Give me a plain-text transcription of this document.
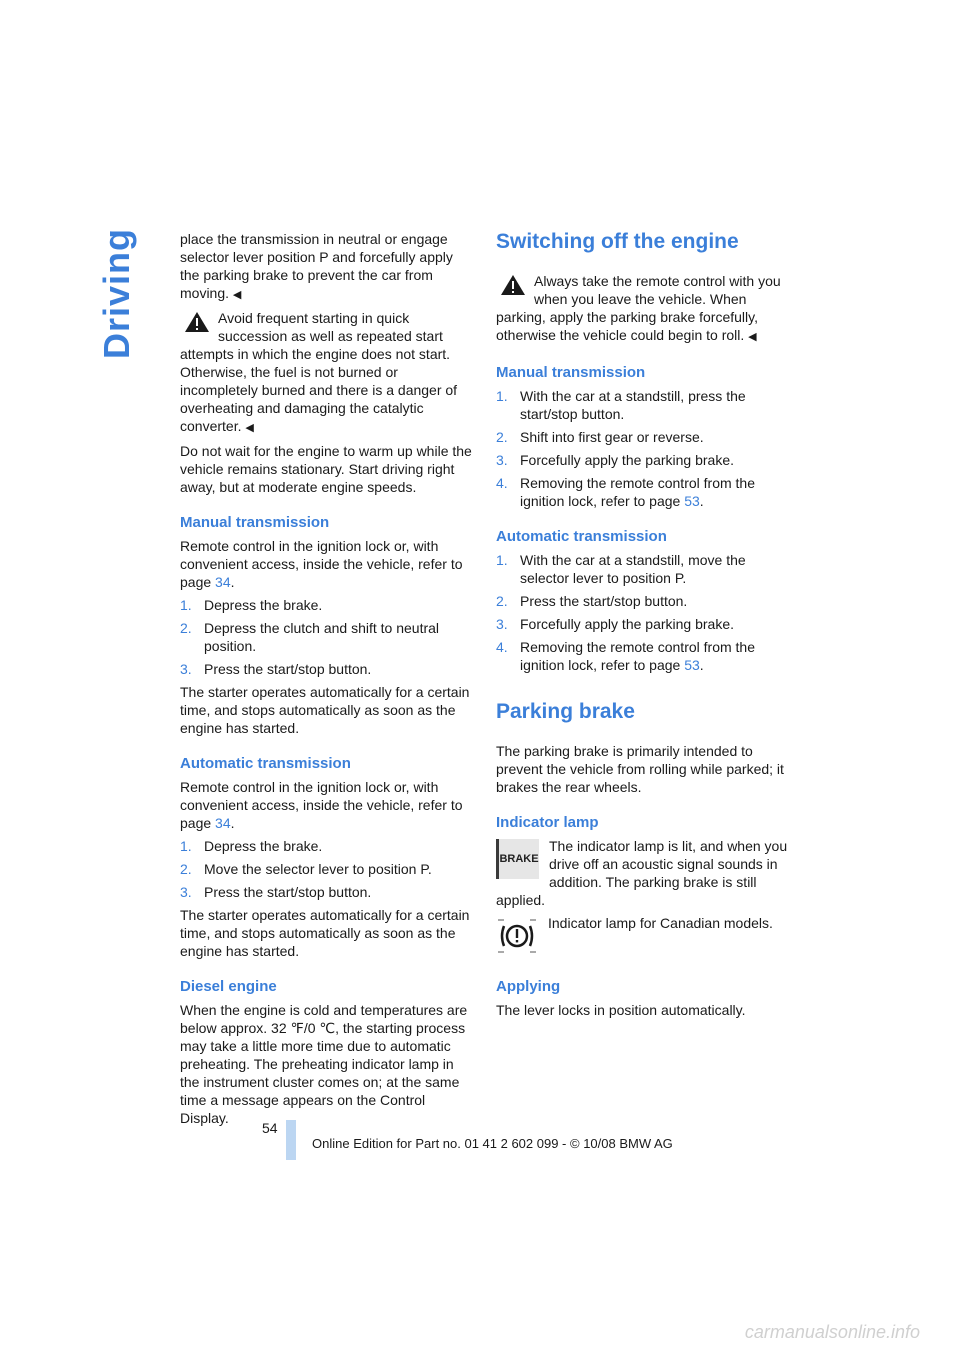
Driving	place the transmission in neutral or engage selector lever position P and forcefully apply the parking brake to prevent the car from moving. ◀

Avoid frequent starting in quick succession as well as repeated start attempts in which the engine does not start. Otherwise, the fuel is not burned or incompletely burned and there is a danger of overheating and damaging the catalytic converter. ◀

Do not wait for the engine to warm up while the vehicle remains stationary. Start driving right away, but at moderate engine speeds.

Manual transmission

Remote control in the ignition lock or, with convenient access, inside the vehicle, refer to page 34.

1. Depress the brake.
2. Depress the clutch and shift to neutral position.
3. Press the start/stop button.

The starter operates automatically for a certain time, and stops automatically as soon as the engine has started.

Automatic transmission

Remote control in the ignition lock or, with convenient access, inside the vehicle, refer to page 34.

1. Depress the brake.
2. Move the selector lever to position P.
3. Press the start/stop button.

The starter operates automatically for a certain time, and stops automatically as soon as the engine has started.

Diesel engine

When the engine is cold and temperatures are below approx. 32 ℉/0 ℃, the starting process may take a little more time due to automatic preheating. The preheating indicator lamp in the instrument cluster comes on; at the same time a message appears on the Control Display.

Switching off the engine
Always take the remote control with you when you leave the vehicle. When parking, apply the parking brake forcefully, otherwise the vehicle could begin to roll. ◀
Manual transmission
1. With the car at a standstill, press the start/stop button.
2. Shift into first gear or reverse.
3. Forcefully apply the parking brake.
4. Removing the remote control from the ignition lock, refer to page 53.
Automatic transmission
1. With the car at a standstill, move the selector lever to position P.
2. Press the start/stop button.
3. Forcefully apply the parking brake.
4. Removing the remote control from the ignition lock, refer to page 53.
Parking brake

The parking brake is primarily intended to prevent the vehicle from rolling while parked; it brakes the rear wheels.

Indicator lamp
BRAKE
The indicator lamp is lit, and when you drive off an acoustic signal sounds in addition. The parking brake is still applied.
Indicator lamp for Canadian models.
Applying

The lever locks in position automatically.

54
Online Edition for Part no. 01 41 2 602 099 - © 10/08 BMW AG
carmanualsonline.info
